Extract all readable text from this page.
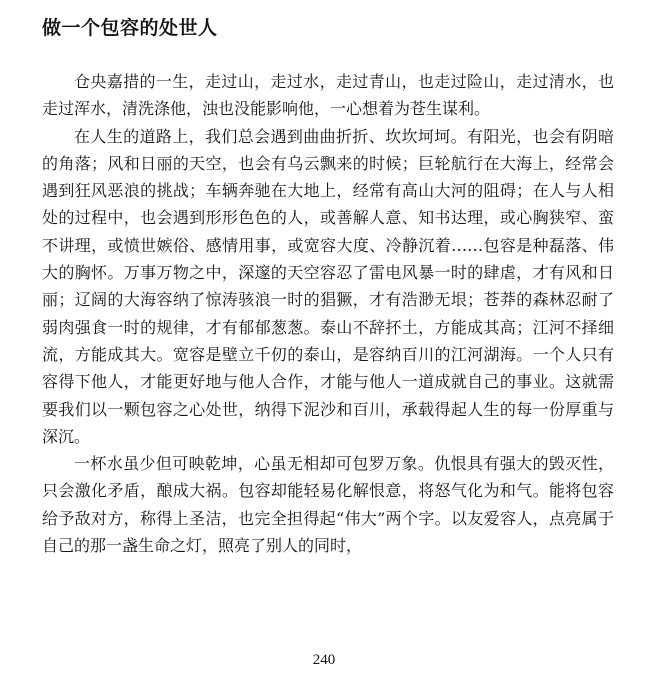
做一个包容的处世人

仓央嘉措的一生，走过山，走过水，走过青山，也走过险山，走过清水，也走过浑水，清洗涤他，浊也没能影响他，一心想着为苍生谋利。

在人生的道路上，我们总会遇到曲曲折折、坎坎坷坷。有阳光，也会有阴暗的角落；风和日丽的天空，也会有乌云飘来的时候；巨轮航行在大海上，经常会遇到狂风恶浪的挑战；车辆奔驰在大地上，经常有高山大河的阻碍；在人与人相处的过程中，也会遇到形形色色的人，或善解人意、知书达理，或心胸狭窄、蛮不讲理，或愤世嫉俗、感情用事，或宽容大度、冷静沉着……包容是种磊落、伟大的胸怀。万事万物之中，深邃的天空容忍了雷电风暴一时的肆虐，才有风和日丽；辽阔的大海容纳了惊涛骇浪一时的猖獗，才有浩渺无垠；苍莽的森林忍耐了弱肉强食一时的规律，才有郁郁葱葱。泰山不辞抔土，方能成其高；江河不择细流，方能成其大。宽容是壁立千仞的泰山，是容纳百川的江河湖海。一个人只有容得下他人，才能更好地与他人合作，才能与他人一道成就自己的事业。这就需要我们以一颗包容之心处世，纳得下泥沙和百川，承载得起人生的每一份厚重与深沉。

一杯水虽少但可映乾坤，心虽无相却可包罗万象。仇恨具有强大的毁灭性，只会激化矛盾，酿成大祸。包容却能轻易化解恨意，将怒气化为和气。能将包容给予敌对方，称得上圣洁，也完全担得起“伟大”两个字。以友爱容人，点亮属于自己的那一盏生命之灯，照亮了别人的同时，

240
